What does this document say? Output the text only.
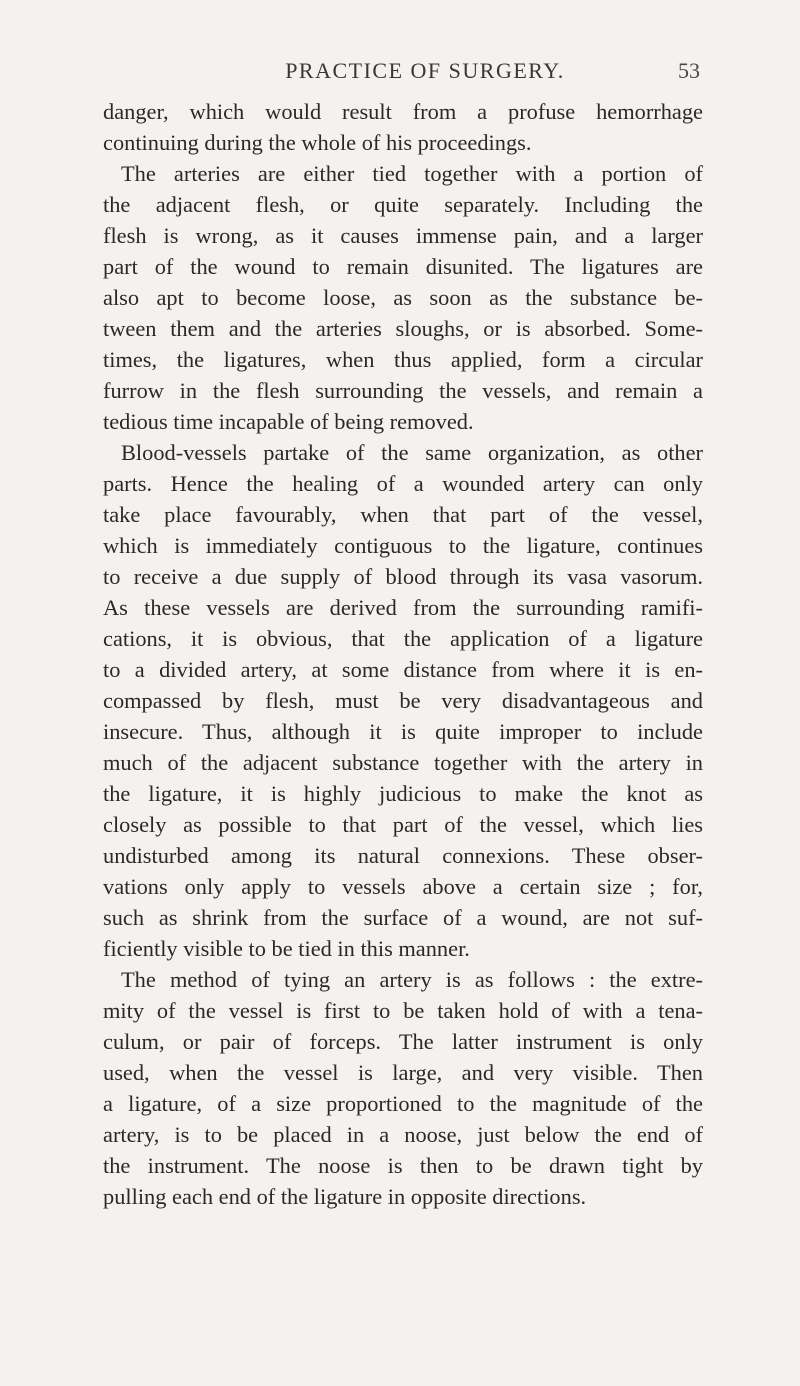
PRACTICE OF SURGERY.	53
danger, which would result from a profuse hemorrhage
continuing during the whole of his proceedings.
The arteries are either tied together with a portion of
the adjacent flesh, or quite separately. Including the
flesh is wrong, as it causes immense pain, and a larger
part of the wound to remain disunited. The ligatures are
also apt to become loose, as soon as the substance be-
tween them and the arteries sloughs, or is absorbed. Some-
times, the ligatures, when thus applied, form a circular
furrow in the flesh surrounding the vessels, and remain a
tedious time incapable of being removed.
Blood-vessels partake of the same organization, as other
parts. Hence the healing of a wounded artery can only
take place favourably, when that part of the vessel,
which is immediately contiguous to the ligature, continues
to receive a due supply of blood through its vasa vasorum.
As these vessels are derived from the surrounding ramifi-
cations, it is obvious, that the application of a ligature
to a divided artery, at some distance from where it is en-
compassed by flesh, must be very disadvantageous and
insecure. Thus, although it is quite improper to include
much of the adjacent substance together with the artery in
the ligature, it is highly judicious to make the knot as
closely as possible to that part of the vessel, which lies
undisturbed among its natural connexions. These obser-
vations only apply to vessels above a certain size ; for,
such as shrink from the surface of a wound, are not suf-
ficiently visible to be tied in this manner.
The method of tying an artery is as follows : the extre-
mity of the vessel is first to be taken hold of with a tena-
culum, or pair of forceps. The latter instrument is only
used, when the vessel is large, and very visible. Then
a ligature, of a size proportioned to the magnitude of the
artery, is to be placed in a noose, just below the end of
the instrument. The noose is then to be drawn tight by
pulling each end of the ligature in opposite directions.
